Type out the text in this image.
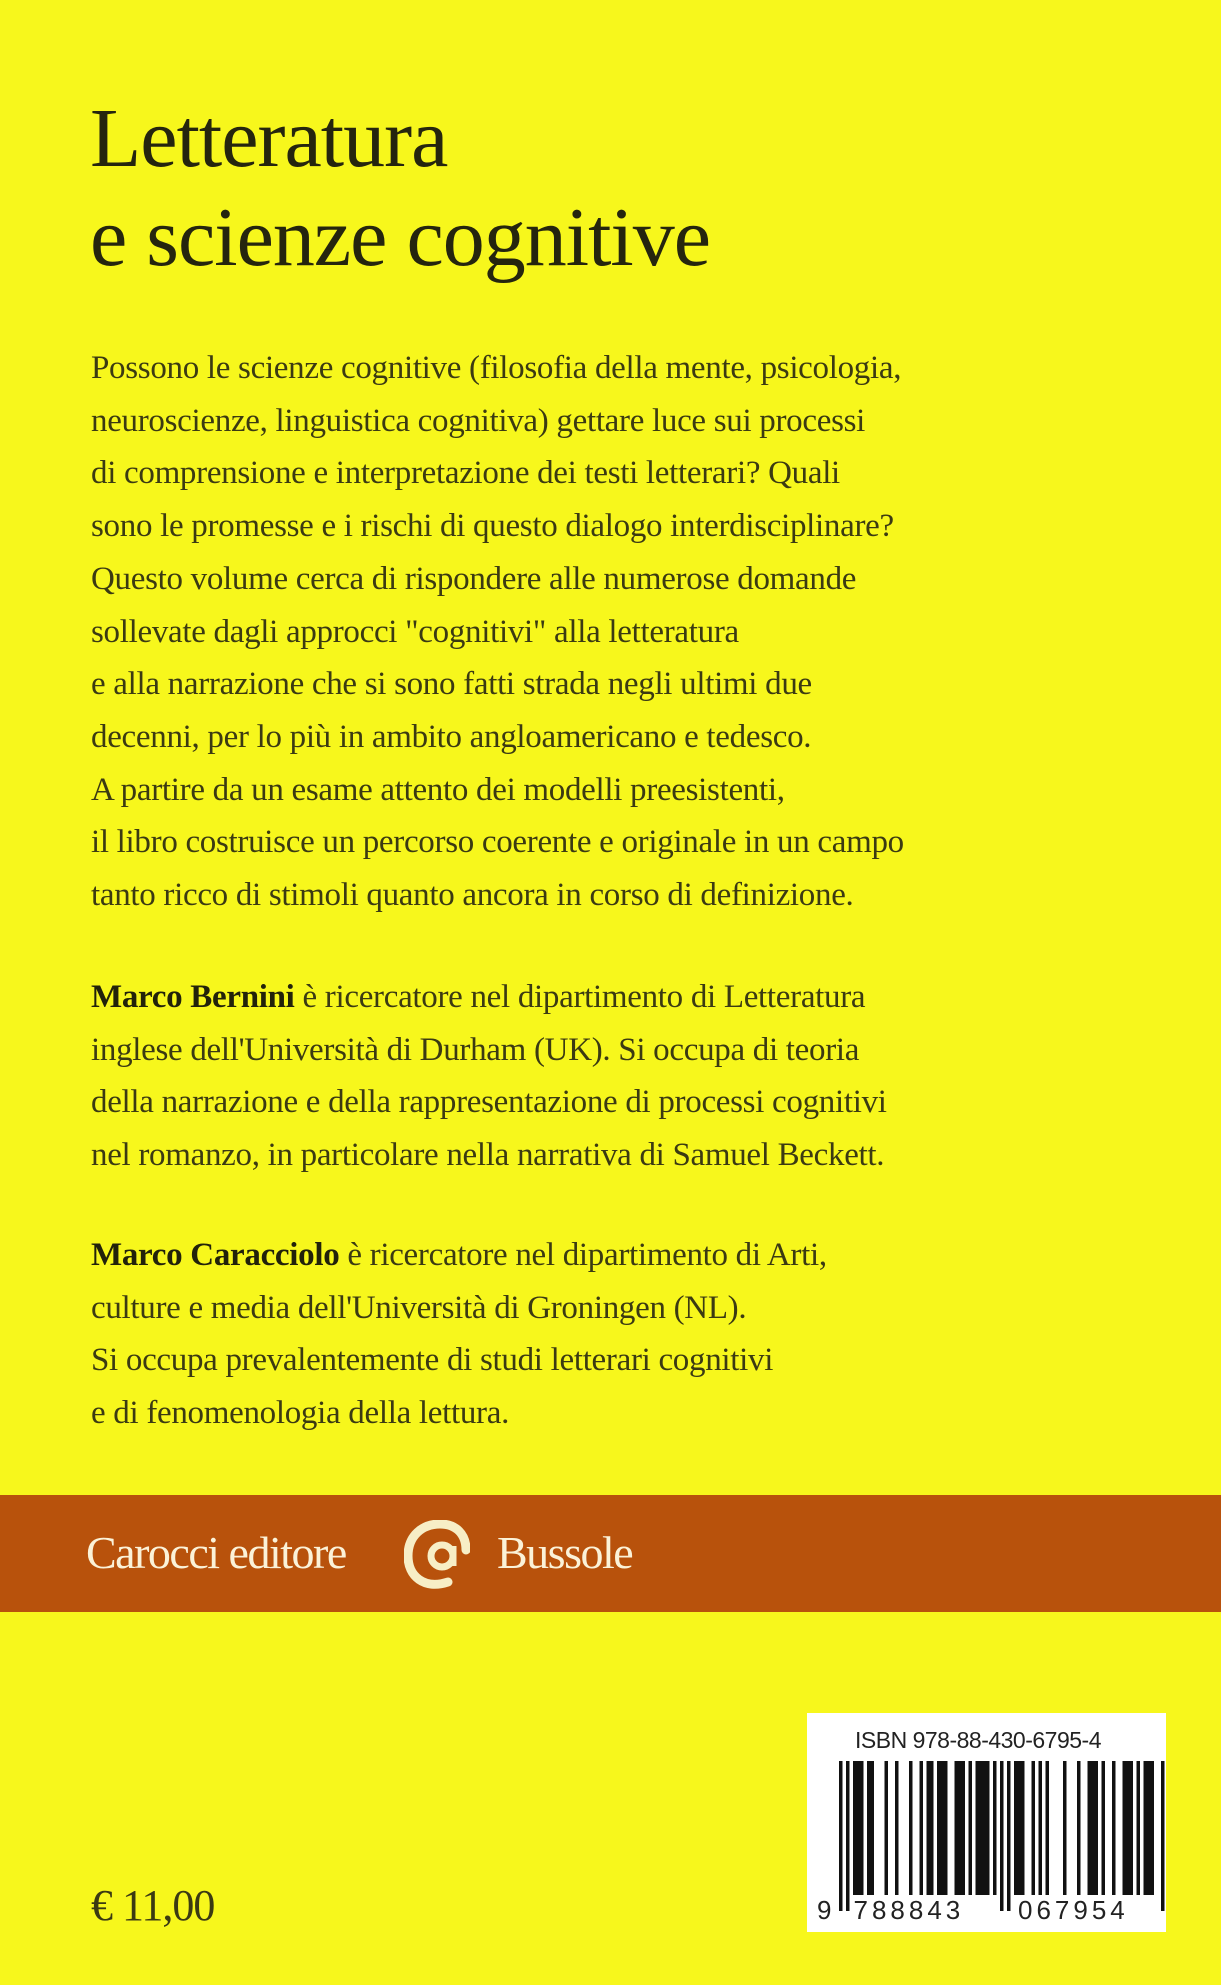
Letteratura
e scienze cognitive
Possono le scienze cognitive (filosofia della mente, psicologia,
neuroscienze, linguistica cognitiva) gettare luce sui processi
di comprensione e interpretazione dei testi letterari? Quali
sono le promesse e i rischi di questo dialogo interdisciplinare?
Questo volume cerca di rispondere alle numerose domande
sollevate dagli approcci "cognitivi" alla letteratura
e alla narrazione che si sono fatti strada negli ultimi due
decenni, per lo più in ambito angloamericano e tedesco.
A partire da un esame attento dei modelli preesistenti,
il libro costruisce un percorso coerente e originale in un campo
tanto ricco di stimoli quanto ancora in corso di definizione.
Marco Bernini è ricercatore nel dipartimento di Letteratura
inglese dell'Università di Durham (UK). Si occupa di teoria
della narrazione e della rappresentazione di processi cognitivi
nel romanzo, in particolare nella narrativa di Samuel Beckett.
Marco Caracciolo è ricercatore nel dipartimento di Arti,
culture e media dell'Università di Groningen (NL).
Si occupa prevalentemente di studi letterari cognitivi
e di fenomenologia della lettura.
Carocci editore	Bussole
€ 11,00
ISBN 978-88-430-6795-4
9 788843 067954
